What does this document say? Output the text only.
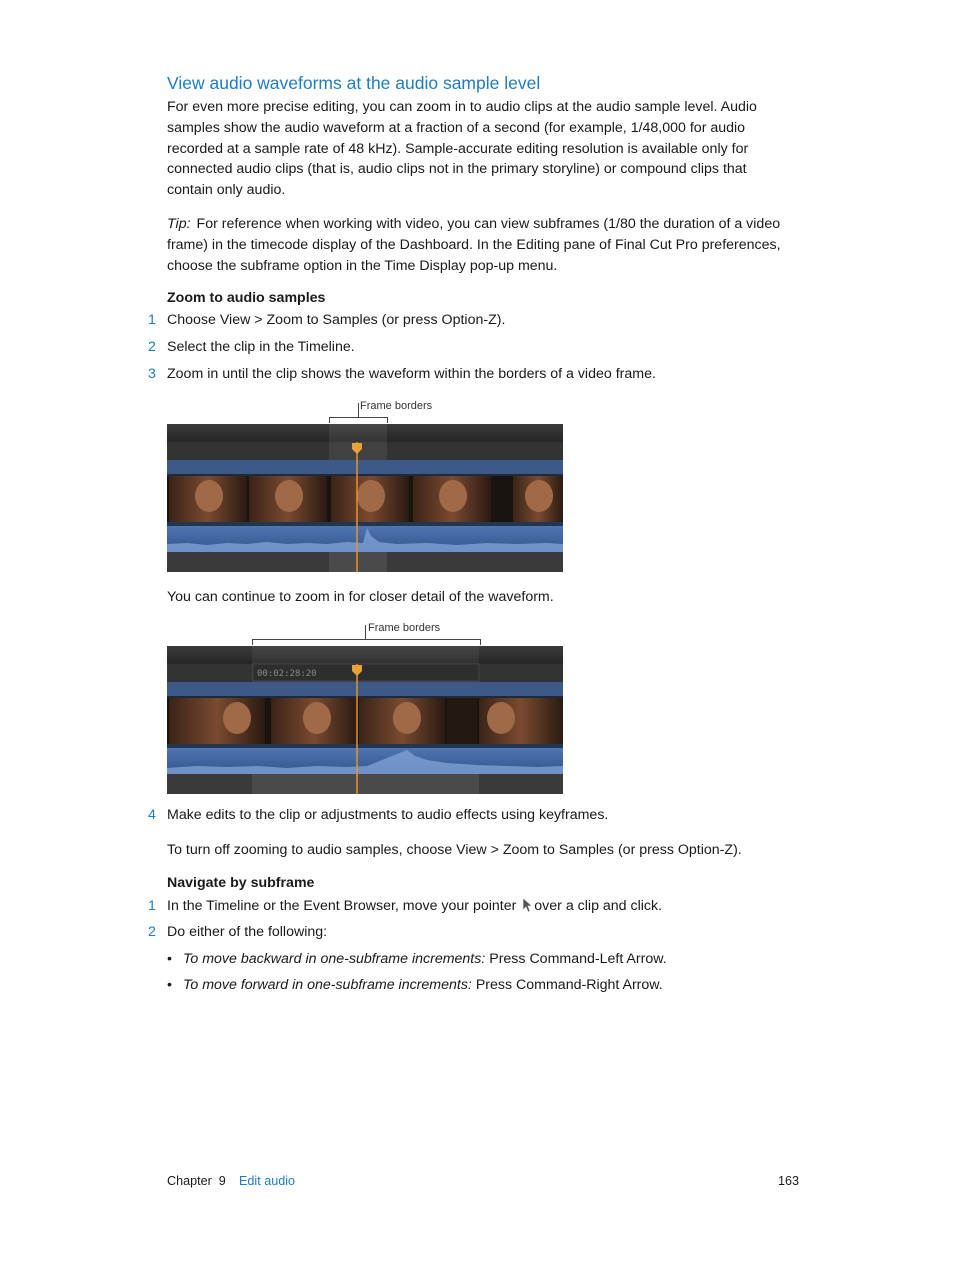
View audio waveforms at the audio sample level
For even more precise editing, you can zoom in to audio clips at the audio sample level. Audio samples show the audio waveform at a fraction of a second (for example, 1/48,000 for audio recorded at a sample rate of 48 kHz). Sample-accurate editing resolution is available only for connected audio clips (that is, audio clips not in the primary storyline) or compound clips that contain only audio.
Tip: For reference when working with video, you can view subframes (1/80 the duration of a video frame) in the timecode display of the Dashboard. In the Editing pane of Final Cut Pro preferences, choose the subframe option in the Time Display pop-up menu.
Zoom to audio samples
1 Choose View > Zoom to Samples (or press Option-Z).
2 Select the clip in the Timeline.
3 Zoom in until the clip shows the waveform within the borders of a video frame.
Frame borders
You can continue to zoom in for closer detail of the waveform.
Frame borders
00:02:28:20
4 Make edits to the clip or adjustments to audio effects using keyframes.
To turn off zooming to audio samples, choose View > Zoom to Samples (or press Option-Z).
Navigate by subframe
1 In the Timeline or the Event Browser, move your pointer over a clip and click.
2 Do either of the following:
• To move backward in one-subframe increments: Press Command-Left Arrow.
• To move forward in one-subframe increments: Press Command-Right Arrow.
Chapter  9 Edit audio	163
